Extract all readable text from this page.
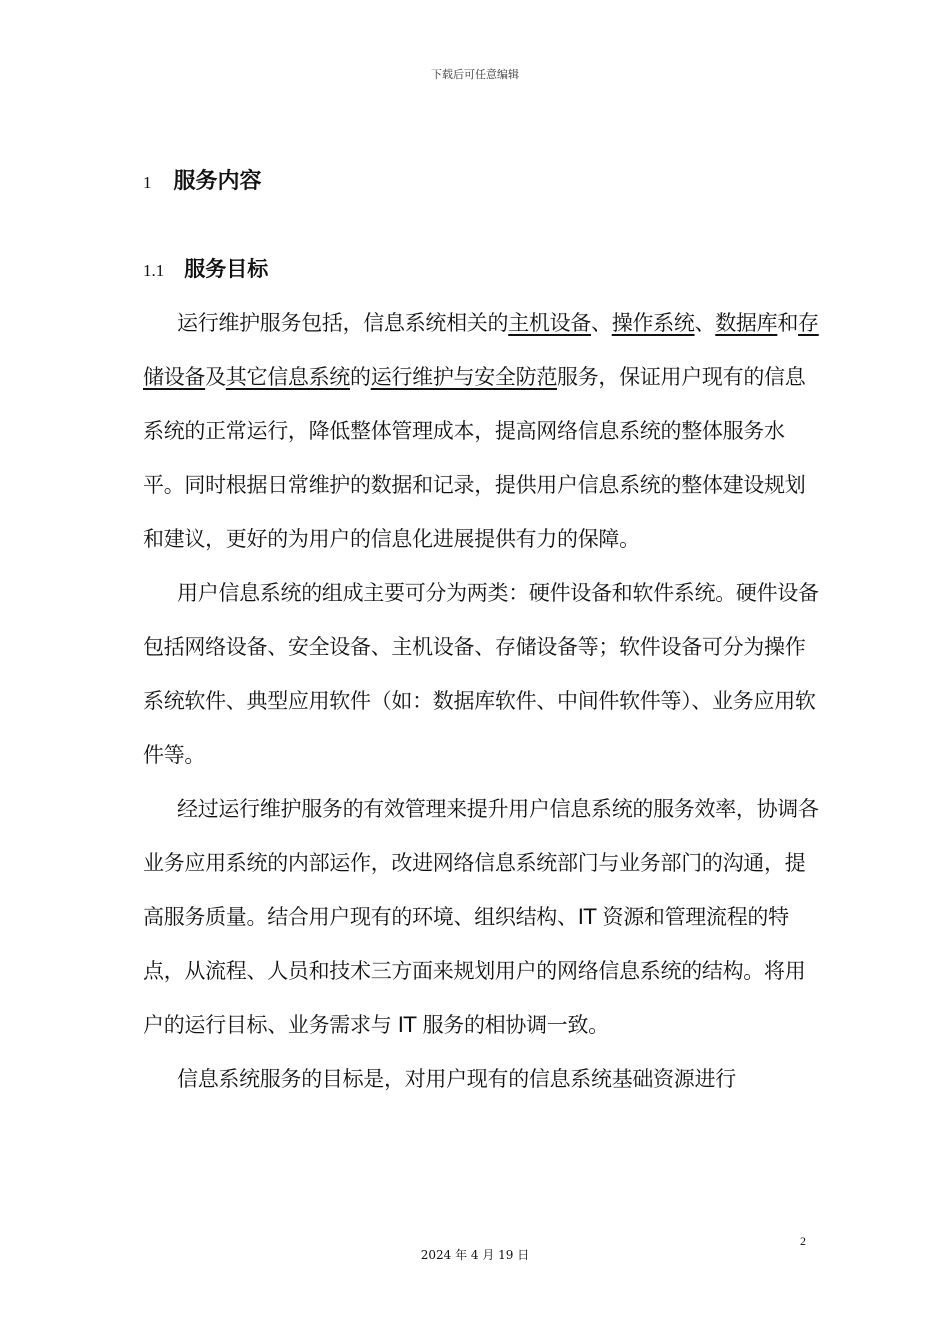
下载后可任意编辑
1 服务内容
1.1 服务目标

运行维护服务包括，信息系统相关的主机设备、操作系统、数据库和存储设备及其它信息系统的运行维护与安全防范服务，保证用户现有的信息系统的正常运行，降低整体管理成本，提高网络信息系统的整体服务水平。同时根据日常维护的数据和记录，提供用户信息系统的整体建设规划和建议，更好的为用户的信息化进展提供有力的保障。

用户信息系统的组成主要可分为两类：硬件设备和软件系统。硬件设备包括网络设备、安全设备、主机设备、存储设备等；软件设备可分为操作系统软件、典型应用软件（如：数据库软件、中间件软件等）、业务应用软件等。

经过运行维护服务的有效管理来提升用户信息系统的服务效率，协调各业务应用系统的内部运作，改进网络信息系统部门与业务部门的沟通，提高服务质量。结合用户现有的环境、组织结构、IT 资源和管理流程的特点，从流程、人员和技术三方面来规划用户的网络信息系统的结构。将用户的运行目标、业务需求与 IT 服务的相协调一致。

信息系统服务的目标是，对用户现有的信息系统基础资源进行

2
2024 年 4 月 19 日
